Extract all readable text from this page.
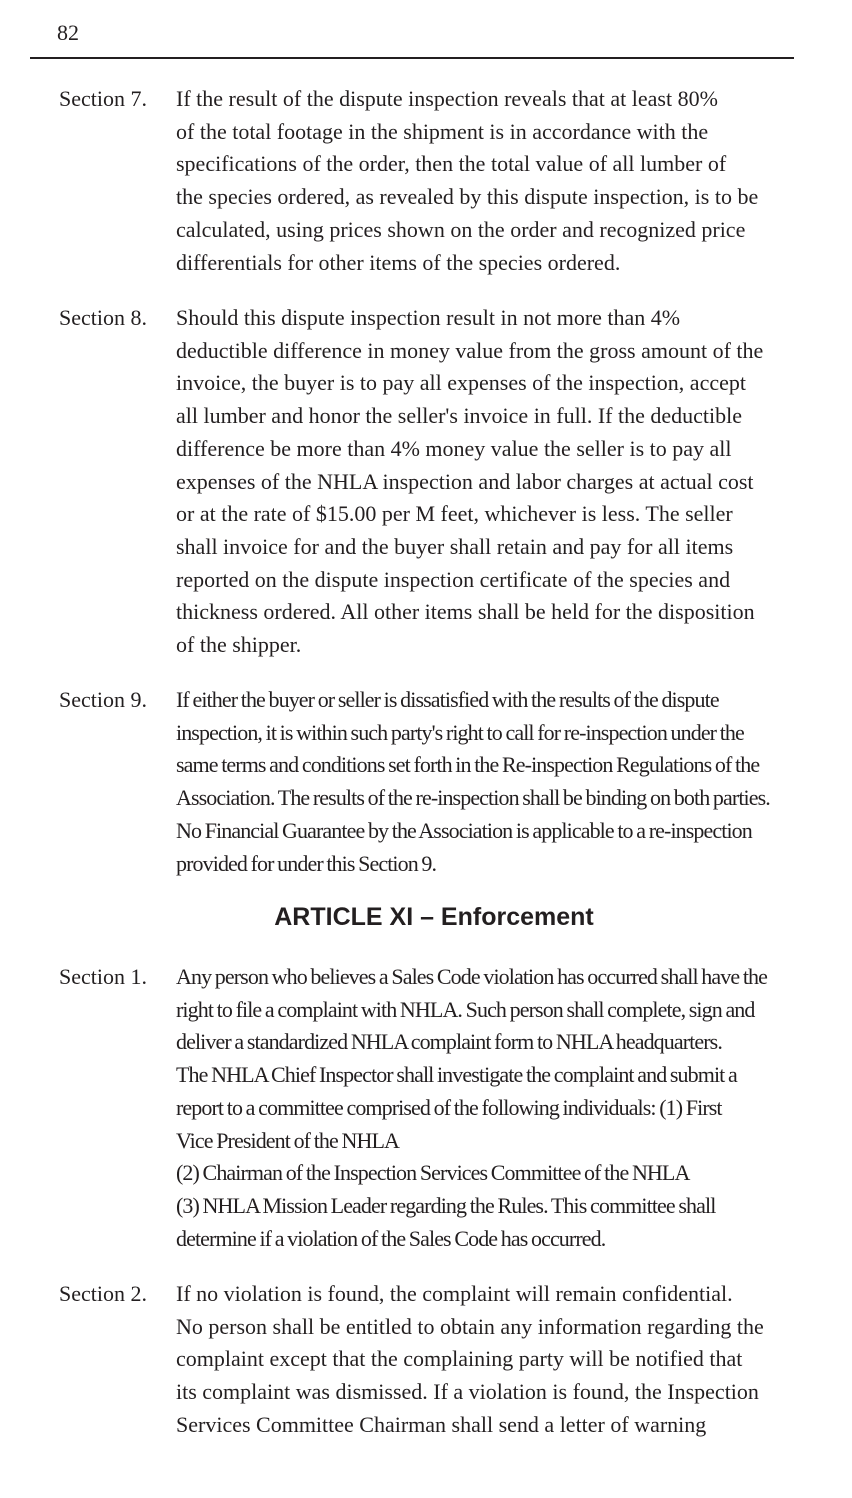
82
Section 7. If the result of the dispute inspection reveals that at least 80%
of the total footage in the shipment is in accordance with the
specifications of the order, then the total value of all lumber of
the species ordered, as revealed by this dispute inspection, is to be
calculated, using prices shown on the order and recognized price
differentials for other items of the species ordered.
Section 8. Should this dispute inspection result in not more than 4%
deductible difference in money value from the gross amount of the
invoice, the buyer is to pay all expenses of the inspection, accept
all lumber and honor the seller's invoice in full. If the deductible
difference be more than 4% money value the seller is to pay all
expenses of the NHLA inspection and labor charges at actual cost
or at the rate of $15.00 per M feet, whichever is less. The seller
shall invoice for and the buyer shall retain and pay for all items
reported on the dispute inspection certificate of the species and
thickness ordered. All other items shall be held for the disposition
of the shipper.
Section 9. If either the buyer or seller is dissatisfied with the results of the dispute
inspection, it is within such party's right to call for re-inspection under the
same terms and conditions set forth in the Re-inspection Regulations of the
Association. The results of the re-inspection shall be binding on both parties.
No Financial Guarantee by the Association is applicable to a re-inspection
provided for under this Section 9.
ARTICLE XI – Enforcement
Section 1. Any person who believes a Sales Code violation has occurred shall have the
right to file a complaint with NHLA. Such person shall complete, sign and
deliver a standardized NHLA complaint form to NHLA headquarters.
The NHLA Chief Inspector shall investigate the complaint and submit a
report to a committee comprised of the following individuals: (1) First
Vice President of the NHLA
(2) Chairman of the Inspection Services Committee of the NHLA
(3) NHLA Mission Leader regarding the Rules. This committee shall
determine if a violation of the Sales Code has occurred.
Section 2. If no violation is found, the complaint will remain confidential.
No person shall be entitled to obtain any information regarding the
complaint except that the complaining party will be notified that
its complaint was dismissed. If a violation is found, the Inspection
Services Committee Chairman shall send a letter of warning
